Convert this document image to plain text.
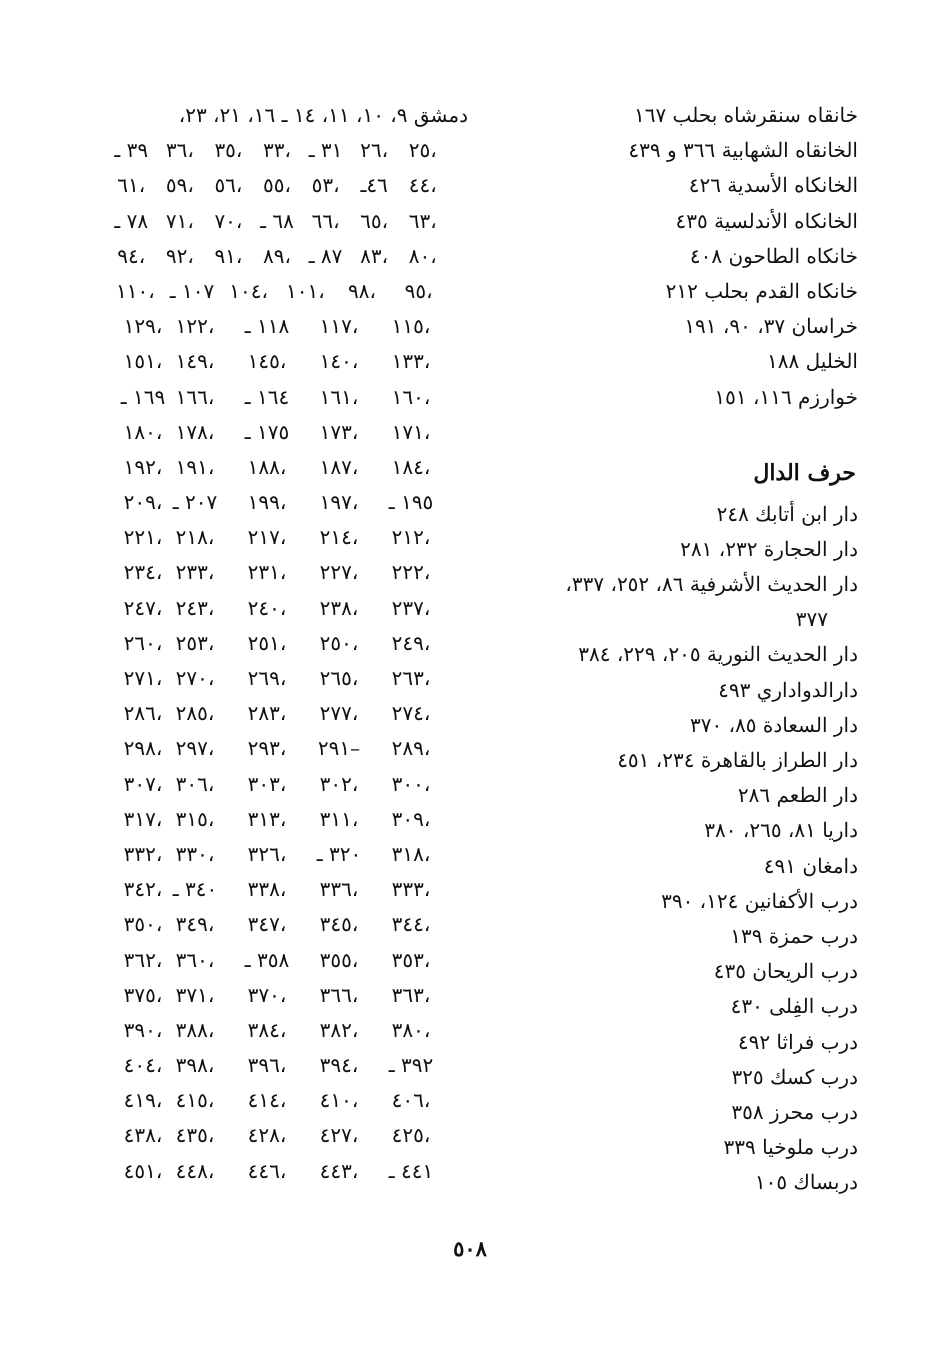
خانقاه سنقرشاه بحلب ١٦٧
الخانقاه الشهابية ٣٦٦ و ٤٣٩
الخانكاه الأسدية ٤٢٦
الخانكاه الأندلسية ٤٣٥
خانكاه الطاحون ٤٠٨
خانكاه القدم بحلب ٢١٢
خراسان ٣٧، ٩٠، ١٩١
الخليل ١٨٨
خوارزم ١١٦، ١٥١
حرف الدال
دار ابن أتابك ٢٤٨
دار الحجارة ٢٣٢، ٢٨١
دار الحديث الأشرفية ٨٦، ٢٥٢، ٣٣٧،
٣٧٧
دار الحديث النورية ٢٠٥، ٢٢٩، ٣٨٤
دارالدواداري ٤٩٣
دار السعادة ٨٥، ٣٧٠
دار الطراز بالقاهرة ٢٣٤، ٤٥١
دار الطعم ٢٨٦
داريا ٨١، ٢٦٥، ٣٨٠
دامغان ٤٩١
درب الأكفانين ١٢٤، ٣٩٠
درب حمزة ١٣٩
درب الريحان ٤٣٥
درب الفِلى ٤٣٠
درب فراثا ٤٩٢
درب كسك ٣٢٥
درب محرز ٣٥٨
درب ملوخيا ٣٣٩
دربساك ١٠٥
دمشق ٩، ١٠، ١١، ١٤ ـ ١٦، ٢١، ٢٣،
٢٥،
٢٦،
٣١ ـ
٣٣،
٣٥،
٣٦،
٣٩ ـ
٤٤،
٤٦ـ
٥٣،
٥٥،
٥٦،
٥٩،
٦١،
٦٣،
٦٥،
٦٦،
٦٨ ـ
٧٠،
٧١،
٧٨ ـ
٨٠،
٨٣،
٨٧ ـ
٨٩،
٩١،
٩٢،
٩٤،
٩٥،
٩٨،
١٠١،
١٠٤،
١٠٧ ـ
١١٠،
١١٥،
١١٧،
١١٨ ـ
١٢٢،
١٢٩،
١٣٣،
١٤٠،
١٤٥،
١٤٩،
١٥١،
١٦٠،
١٦١،
١٦٤ ـ
١٦٦،
١٦٩ ـ
١٧١،
١٧٣،
١٧٥ ـ
١٧٨،
١٨٠،
١٨٤،
١٨٧،
١٨٨،
١٩١،
١٩٢،
١٩٥ ـ
١٩٧،
١٩٩،
٢٠٧ ـ
٢٠٩،
٢١٢،
٢١٤،
٢١٧،
٢١٨،
٢٢١،
٢٢٢،
٢٢٧،
٢٣١،
٢٣٣،
٢٣٤،
٢٣٧،
٢٣٨،
٢٤٠،
٢٤٣،
٢٤٧،
٢٤٩،
٢٥٠،
٢٥١،
٢٥٣،
٢٦٠،
٢٦٣،
٢٦٥،
٢٦٩،
٢٧٠،
٢٧١،
٢٧٤،
٢٧٧،
٢٨٣،
٢٨٥،
٢٨٦،
٢٨٩،
٢٩١–
٢٩٣،
٢٩٧،
٢٩٨،
٣٠٠،
٣٠٢،
٣٠٣،
٣٠٦،
٣٠٧،
٣٠٩،
٣١١،
٣١٣،
٣١٥،
٣١٧،
٣١٨،
٣٢٠ ـ
٣٢٦،
٣٣٠،
٣٣٢،
٣٣٣،
٣٣٦،
٣٣٨،
٣٤٠ ـ
٣٤٢،
٣٤٤،
٣٤٥،
٣٤٧،
٣٤٩،
٣٥٠،
٣٥٣،
٣٥٥،
٣٥٨ ـ
٣٦٠،
٣٦٢،
٣٦٣،
٣٦٦،
٣٧٠،
٣٧١،
٣٧٥،
٣٨٠،
٣٨٢،
٣٨٤،
٣٨٨،
٣٩٠،
٣٩٢ ـ
٣٩٤،
٣٩٦،
٣٩٨،
٤٠٤،
٤٠٦،
٤١٠،
٤١٤،
٤١٥،
٤١٩،
٤٢٥،
٤٢٧،
٤٢٨،
٤٣٥،
٤٣٨،
٤٤١ ـ
٤٤٣،
٤٤٦،
٤٤٨،
٤٥١،
٥٠٨
